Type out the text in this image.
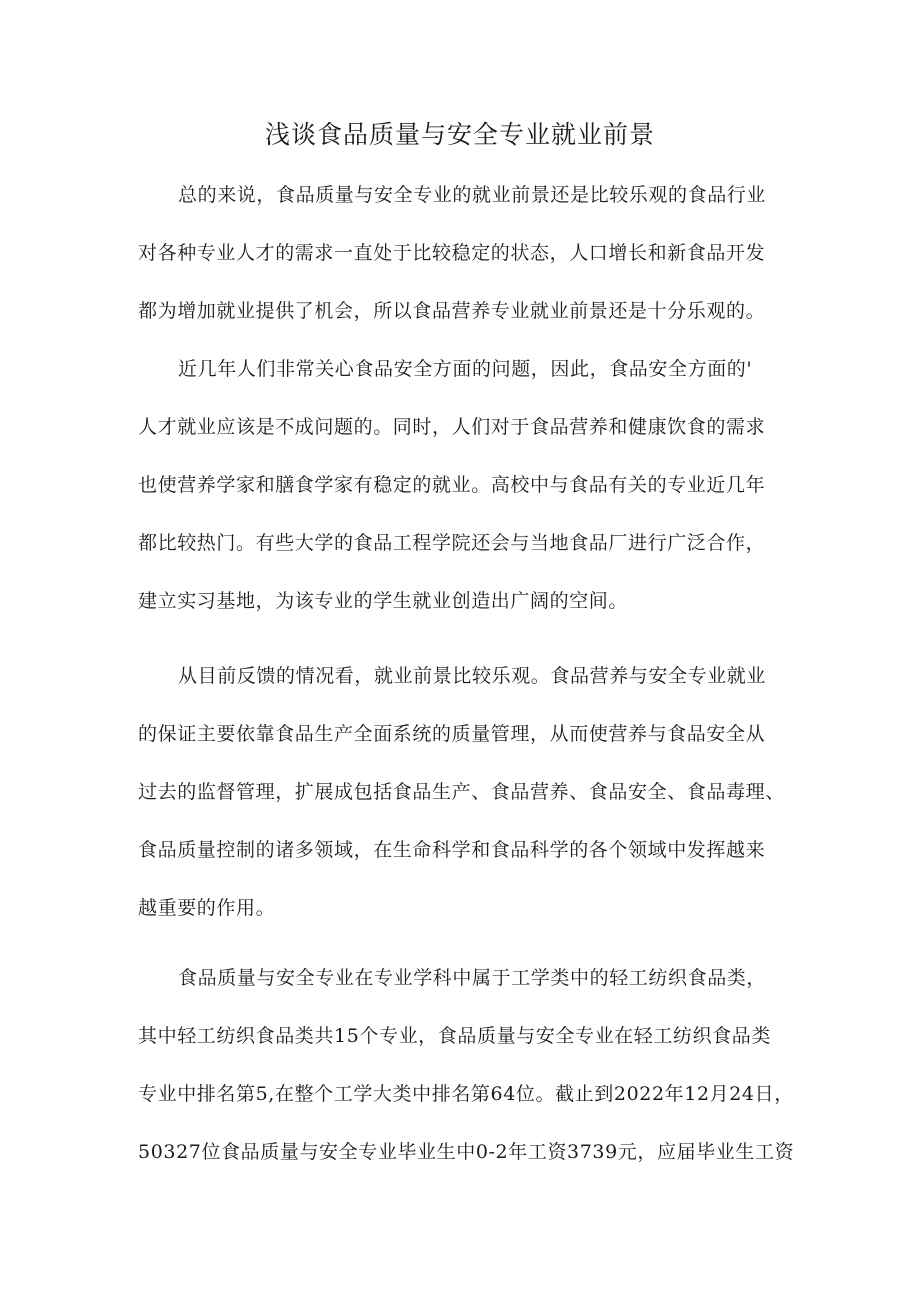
浅谈食品质量与安全专业就业前景
总的来说，食品质量与安全专业的就业前景还是比较乐观的食品行业
对各种专业人才的需求一直处于比较稳定的状态，人口增长和新食品开发
都为增加就业提供了机会，所以食品营养专业就业前景还是十分乐观的。
近几年人们非常关心食品安全方面的问题，因此，食品安全方面的'
人才就业应该是不成问题的。同时，人们对于食品营养和健康饮食的需求
也使营养学家和膳食学家有稳定的就业。高校中与食品有关的专业近几年
都比较热门。有些大学的食品工程学院还会与当地食品厂进行广泛合作，
建立实习基地，为该专业的学生就业创造出广阔的空间。
从目前反馈的情况看，就业前景比较乐观。食品营养与安全专业就业
的保证主要依靠食品生产全面系统的质量管理，从而使营养与食品安全从
过去的监督管理，扩展成包括食品生产、食品营养、食品安全、食品毒理、
食品质量控制的诸多领域，在生命科学和食品科学的各个领域中发挥越来
越重要的作用。
食品质量与安全专业在专业学科中属于工学类中的轻工纺织食品类，
其中轻工纺织食品类共15个专业，食品质量与安全专业在轻工纺织食品类
专业中排名第5,在整个工学大类中排名第64位。截止到2022年12月24日，
50327位食品质量与安全专业毕业生中0-2年工资3739元，应届毕业生工资
